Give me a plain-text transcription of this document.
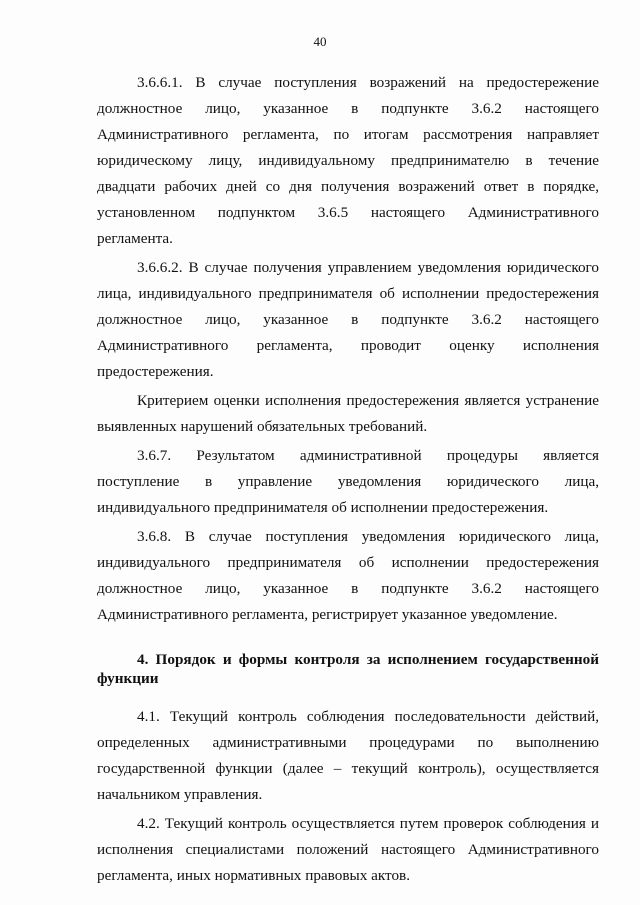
40

3.6.6.1. В случае поступления возражений на предостережение должностное лицо, указанное в подпункте 3.6.2 настоящего Административного регламента, по итогам рассмотрения направляет юридическому лицу, индивидуальному предпринимателю в течение двадцати рабочих дней со дня получения возражений ответ в порядке, установленном подпунктом 3.6.5 настоящего Административного регламента.

3.6.6.2. В случае получения управлением уведомления юридического лица, индивидуального предпринимателя об исполнении предостережения должностное лицо, указанное в подпункте 3.6.2 настоящего Административного регламента, проводит оценку исполнения предостережения.

Критерием оценки исполнения предостережения является устранение выявленных нарушений обязательных требований.

3.6.7. Результатом административной процедуры является поступление в управление уведомления юридического лица, индивидуального предпринимателя об исполнении предостережения.

3.6.8. В случае поступления уведомления юридического лица, индивидуального предпринимателя об исполнении предостережения должностное лицо, указанное в подпункте 3.6.2 настоящего Административного регламента, регистрирует указанное уведомление.

4. Порядок и формы контроля за исполнением государственной функции

4.1. Текущий контроль соблюдения последовательности действий, определенных административными процедурами по выполнению государственной функции (далее – текущий контроль), осуществляется начальником управления.

4.2. Текущий контроль осуществляется путем проверок соблюдения и исполнения специалистами положений настоящего Административного регламента, иных нормативных правовых актов.
